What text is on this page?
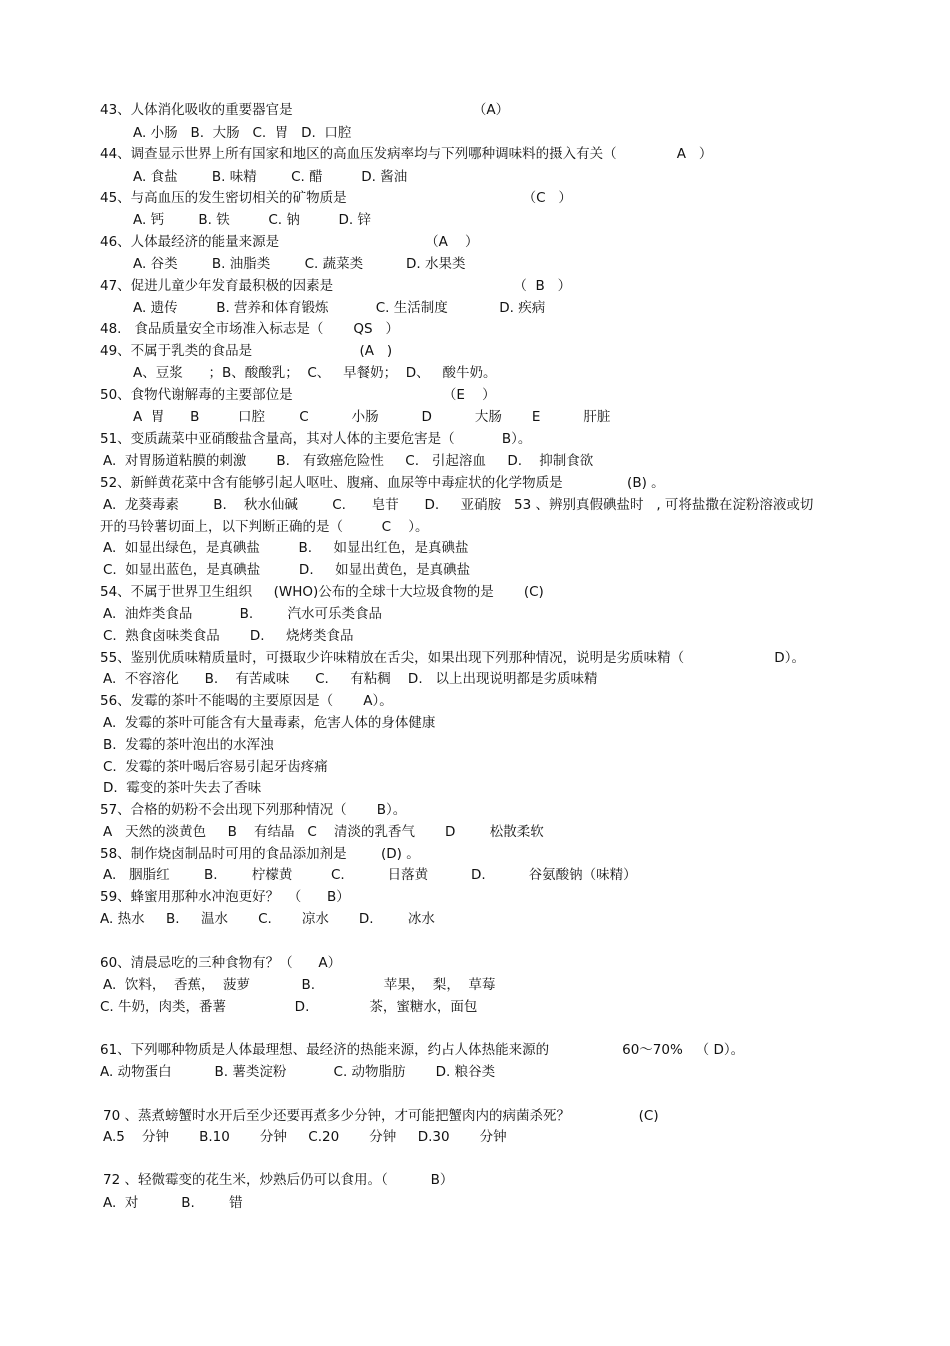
43、人体消化吸收的重要器官是                                          （A）

A. 小肠   B.  大肠   C.  胃   D.  口腔

44、调查显示世界上所有国家和地区的高血压发病率均与下列哪种调味料的摄入有关（              A   ）

A. 食盐        B. 味精        C. 醋         D. 酱油

45、与高血压的发生密切相关的矿物质是                                         （C   ）

A. 钙        B. 铁         C. 钠         D. 锌

46、人体最经济的能量来源是                                  （A    ）

A. 谷类        B. 油脂类        C. 蔬菜类          D. 水果类

47、促进儿童少年发育最积极的因素是                                          （  B   ）

A. 遗传         B. 营养和体育锻炼           C. 生活制度            D. 疾病

48.   食品质量安全市场准入标志是（       QS   ）

49、不属于乳类的食品是                         (A   )

A、豆浆      ；B、酸酸乳；  C、   早餐奶；  D、   酸牛奶。

50、食物代谢解毒的主要部位是                                   （E    ）

A  胃      B         口腔        C          小肠          D          大肠       E          肝脏

51、变质蔬菜中亚硝酸盐含量高，其对人体的主要危害是（           B）。

A.  对胃肠道粘膜的刺激       B.   有致癌危险性     C.   引起溶血     D.    抑制食欲

52、新鲜黄花菜中含有能够引起人呕吐、腹痛、血尿等中毒症状的化学物质是               (B) 。

A.  龙葵毒素        B.    秋水仙碱        C.      皂苷      D.     亚硝胺   53 、辨别真假碘盐时   , 可将盐撒在淀粉溶液或切

开的马铃薯切面上，以下判断正确的是（         C    ）。

A.  如显出绿色，是真碘盐         B.     如显出红色，是真碘盐

C.  如显出蓝色，是真碘盐         D.     如显出黄色，是真碘盐

54、不属于世界卫生组织     (WHO)公布的全球十大垃圾食物的是       (C)

A.  油炸类食品           B.        汽水可乐类食品

C.  熟食卤味类食品       D.     烧烤类食品

55、鉴别优质味精质量时，可摄取少许味精放在舌尖，如果出现下列那种情况，说明是劣质味精（                     D）。

A.  不容溶化      B.    有苦咸味      C.     有粘稠    D.   以上出现说明都是劣质味精

56、发霉的茶叶不能喝的主要原因是（       A）。

A.  发霉的茶叶可能含有大量毒素，危害人体的身体健康

B.  发霉的茶叶泡出的水浑浊

C.  发霉的茶叶喝后容易引起牙齿疼痛

D.  霉变的茶叶失去了香味

57、合格的奶粉不会出现下列那种情况（       B）。

A   天然的淡黄色     B    有结晶   C    清淡的乳香气       D        松散柔软

58、制作烧卤制品时可用的食品添加剂是        (D) 。

A.   胭脂红        B.        柠檬黄         C.          日落黄          D.          谷氨酸钠（味精）

59、蜂蜜用那种水冲泡更好？  （      B）

A. 热水     B.     温水       C.       凉水       D.        冰水

60、清晨忌吃的三种食物有？（      A）

A.  饮料，  香蕉，  菠萝            B.                苹果，  梨，  草莓

C. 牛奶，肉类，番薯                D.              茶，蜜糖水，面包

61、下列哪种物质是人体最理想、最经济的热能来源，约占人体热能来源的                 60～70%   （ D）。

A. 动物蛋白          B. 薯类淀粉           C. 动物脂肪       D. 粮谷类

70 、蒸煮螃蟹时水开后至少还要再煮多少分钟，才可能把蟹肉内的病菌杀死？                (C)

A.5    分钟       B.10       分钟     C.20       分钟     D.30       分钟

72 、轻微霉变的花生米，炒熟后仍可以食用。（          B）

A.  对          B.        错
